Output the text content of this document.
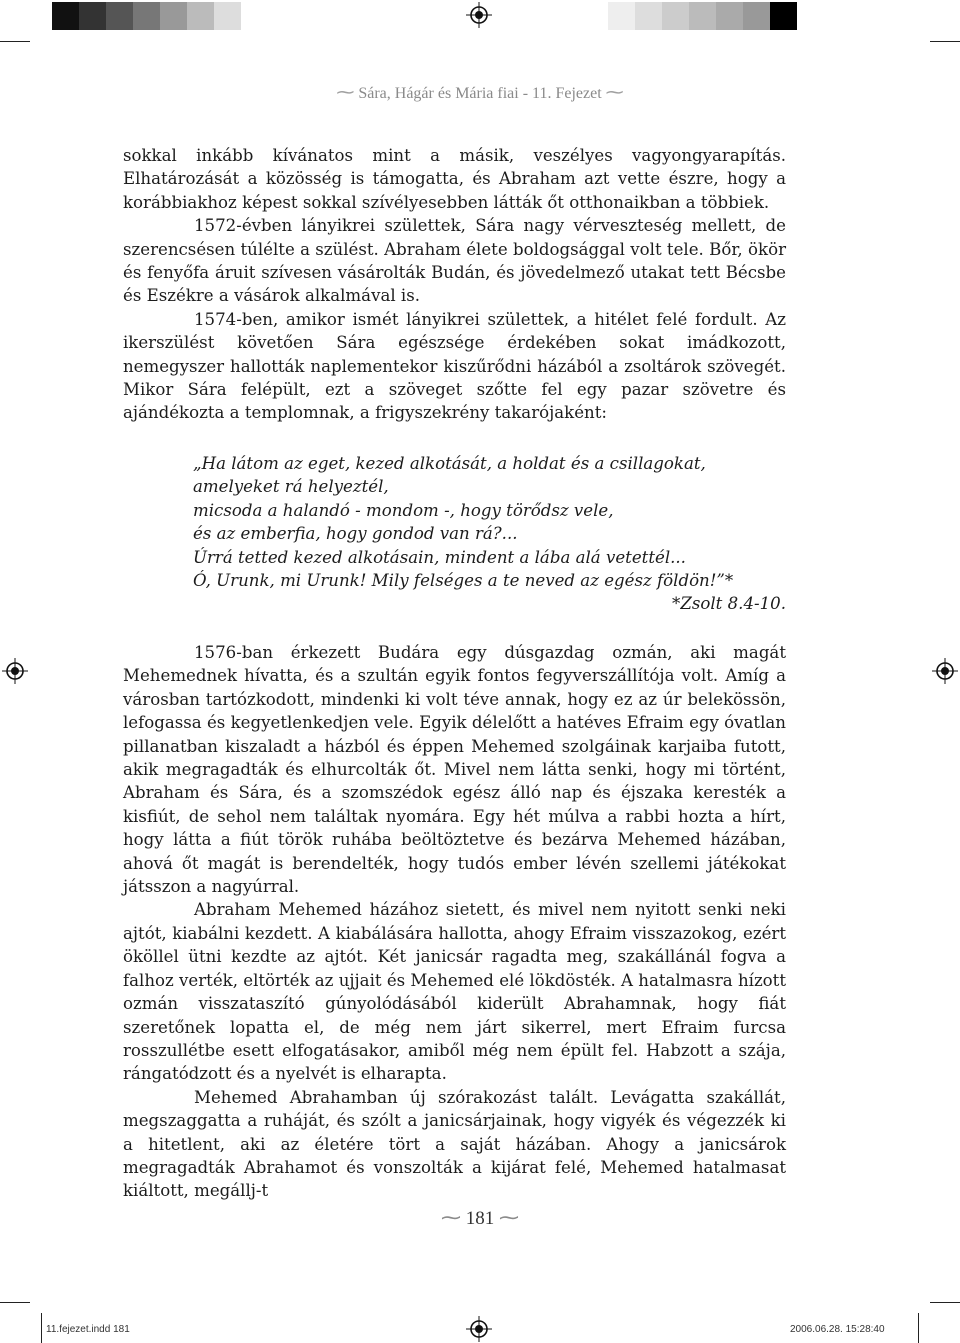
⁓ Sára, Hágár és Mária fiai - 11. Fejezet ⁓

sokkal inkább kívánatos mint a másik, veszélyes vagyongyarapítás. Elhatározását a közösség is támogatta, és Abraham azt vette észre, hogy a korábbiakhoz képest sokkal szívélyesebben látták őt otthonaikban a többiek.

1572-évben lányikrei születtek, Sára nagy vérveszteség mellett, de szerencsésen túlélte a szülést. Abraham élete boldogsággal volt tele. Bőr, ökör és fenyőfa áruit szívesen vásárolták Budán, és jövedelmező utakat tett Bécsbe és Eszékre a vásárok alkalmával is.

1574-ben, amikor ismét lányikrei születtek, a hitélet felé fordult. Az ikerszülést követően Sára egészsége érdekében sokat imádkozott, nemegyszer hallották naplementekor kiszűrődni házából a zsoltárok szövegét. Mikor Sára felépült, ezt a szöveget szőtte fel egy pazar szövetre és ajándékozta a templomnak, a frigyszekrény takarójaként:

„Ha látom az eget, kezed alkotását, a holdat és a csillagokat,
amelyeket rá helyeztél,
micsoda a halandó - mondom -, hogy törődsz vele,
és az emberfia, hogy gondod van rá?...
Úrrá tetted kezed alkotásain, mindent a lába alá vetettél...
Ó, Urunk, mi Urunk! Mily felséges a te neved az egész földön!”*
*Zsolt 8.4-10.

1576-ban érkezett Budára egy dúsgazdag ozmán, aki magát Mehemednek hívatta, és a szultán egyik fontos fegyverszállítója volt. Amíg a városban tartózkodott, mindenki ki volt téve annak, hogy ez az úr belekössön, lefogassa és kegyetlenkedjen vele. Egyik délelőtt a hatéves Efraim egy óvatlan pillanatban kiszaladt a házból és éppen Mehemed szolgáinak karjaiba futott, akik megragadták és elhurcolták őt. Mivel nem látta senki, hogy mi történt, Abraham és Sára, és a szomszédok egész álló nap és éjszaka keresték a kisfiút, de sehol nem találtak nyomára. Egy hét múlva a rabbi hozta a hírt, hogy látta a fiút török ruhába beöltöztetve és bezárva Mehemed házában, ahová őt magát is berendelték, hogy tudós ember lévén szellemi játékokat játsszon a nagyúrral.

Abraham Mehemed házához sietett, és mivel nem nyitott senki neki ajtót, kiabálni kezdett. A kiabálására hallotta, ahogy Efraim visszazokog, ezért ököllel ütni kezdte az ajtót. Két janicsár ragadta meg, szakállánál fogva a falhoz verték, eltörték az ujjait és Mehemed elé lökdösték. A hatalmasra hízott ozmán visszataszító gúnyolódásából kiderült Abrahamnak, hogy fiát szeretőnek lopatta el, de még nem járt sikerrel, mert Efraim furcsa rosszullétbe esett elfogatásakor, amiből még nem épült fel. Habzott a szája, rángatódzott és a nyelvét is elharapta.

Mehemed Abrahamban új szórakozást talált. Levágatta szakállát, megszaggatta a ruháját, és szólt a janicsárjainak, hogy vigyék és végezzék ki a hitetlent, aki az életére tört a saját házában. Ahogy a janicsárok megragadták Abrahamot és vonszolták a kijárat felé, Mehemed hatalmasat kiáltott, megállj-t

⁓ 181 ⁓
11.fejezet.indd 181	2006.06.28. 15:28:40
